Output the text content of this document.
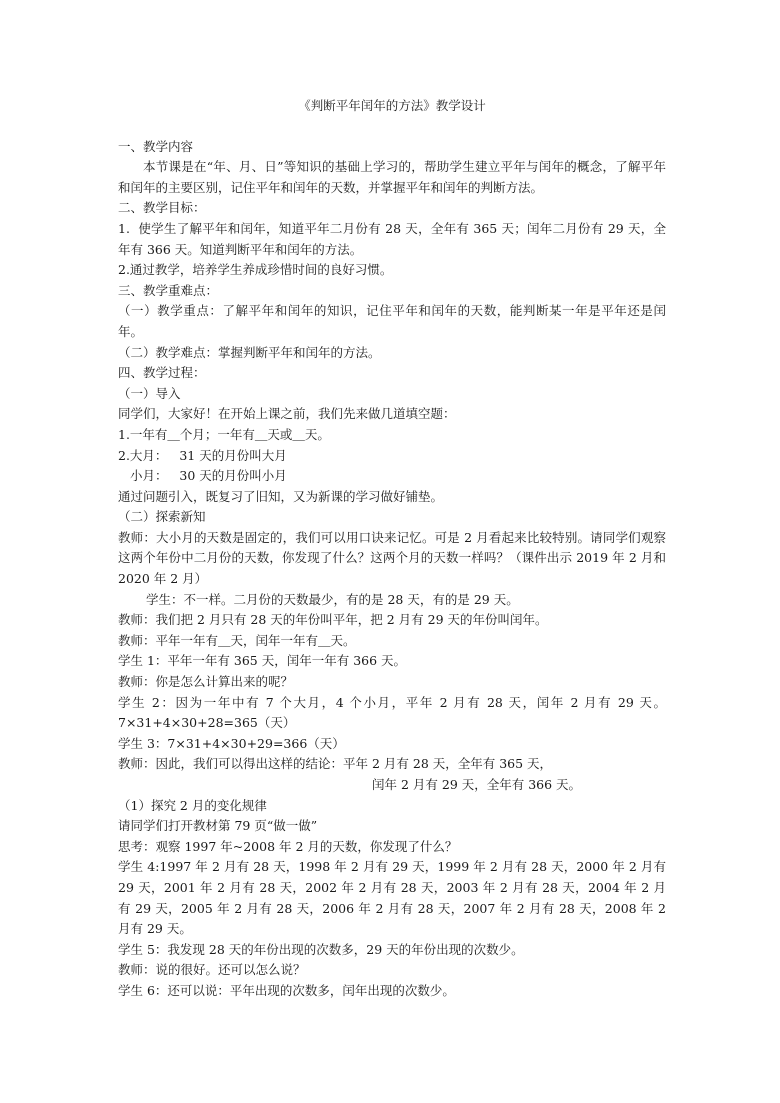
《判断平年闰年的方法》教学设计
一、教学内容
本节课是在“年、月、日”等知识的基础上学习的，帮助学生建立平年与闰年的概念，了解平年和闰年的主要区别，记住平年和闰年的天数，并掌握平年和闰年的判断方法。
二、教学目标：
1.  使学生了解平年和闰年，知道平年二月份有 28 天，全年有 365 天；闰年二月份有 29 天，全年有 366 天。知道判断平年和闰年的方法。
2.通过教学，培养学生养成珍惜时间的良好习惯。
三、教学重难点：
（一）教学重点：了解平年和闰年的知识，记住平年和闰年的天数，能判断某一年是平年还是闰年。
（二）教学难点：掌握判断平年和闰年的方法。
四、教学过程：
（一）导入
同学们，大家好！在开始上课之前，我们先来做几道填空题：
1.一年有＿个月；一年有＿天或＿天。
2.大月：   31 天的月份叫大月
小月：   30 天的月份叫小月
通过问题引入，既复习了旧知，又为新课的学习做好铺垫。
（二）探索新知
教师：大小月的天数是固定的，我们可以用口诀来记忆。可是 2 月看起来比较特别。请同学们观察这两个年份中二月份的天数，你发现了什么？这两个月的天数一样吗？（课件出示 2019 年 2 月和 2020 年 2 月）
学生：不一样。二月份的天数最少，有的是 28 天，有的是 29 天。
教师：我们把 2 月只有 28 天的年份叫平年，把 2 月有 29 天的年份叫闰年。
教师：平年一年有＿天，闰年一年有＿天。
学生 1：平年一年有 365 天，闰年一年有 366 天。
教师：你是怎么计算出来的呢？
学生 2：因为一年中有 7 个大月，4 个小月，平年 2 月有 28 天，闰年 2 月有 29 天。7×31+4×30+28=365（天）
学生 3：7×31+4×30+29=366（天）
教师：因此，我们可以得出这样的结论：平年 2 月有 28 天，全年有 365 天，
闰年 2 月有 29 天，全年有 366 天。
（1）探究 2 月的变化规律
请同学们打开教材第 79 页“做一做”
思考：观察 1997 年~2008 年 2 月的天数，你发现了什么？
学生 4:1997 年 2 月有 28 天，1998 年 2 月有 29 天，1999 年 2 月有 28 天，2000 年 2 月有 29 天，2001 年 2 月有 28 天，2002 年 2 月有 28 天，2003 年 2 月有 28 天，2004 年 2 月有 29 天，2005 年 2 月有 28 天，2006 年 2 月有 28 天，2007 年 2 月有 28 天，2008 年 2 月有 29 天。
学生 5：我发现 28 天的年份出现的次数多，29 天的年份出现的次数少。
教师：说的很好。还可以怎么说？
学生 6：还可以说：平年出现的次数多，闰年出现的次数少。
